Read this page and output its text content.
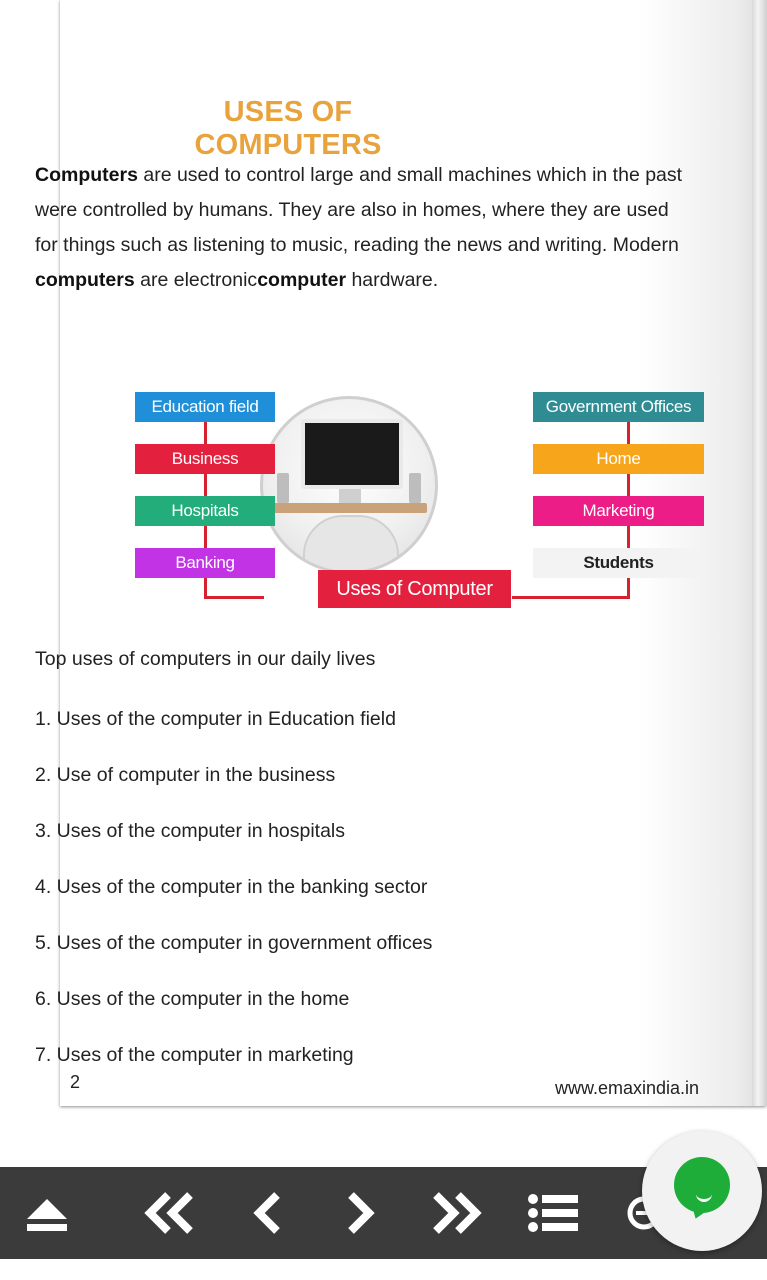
USES OF COMPUTERS
Computers are used to control large and small machines which in the past were controlled by humans. They are also in homes, where they are used for things such as listening to music, reading the news and writing. Modern computers are electroniccomputer hardware.
Education field
Business
Hospitals
Banking
Government Offices
Home
Marketing
Students
Uses of Computer
Top uses of computers in our daily lives
1. Uses of the computer in Education field
2. Use of computer in the business
3. Uses of the computer in hospitals
4. Uses of the computer in the banking sector
5. Uses of the computer in government offices
6. Uses of the computer in the home
7. Uses of the computer in marketing
2	www.emaxindia.in
